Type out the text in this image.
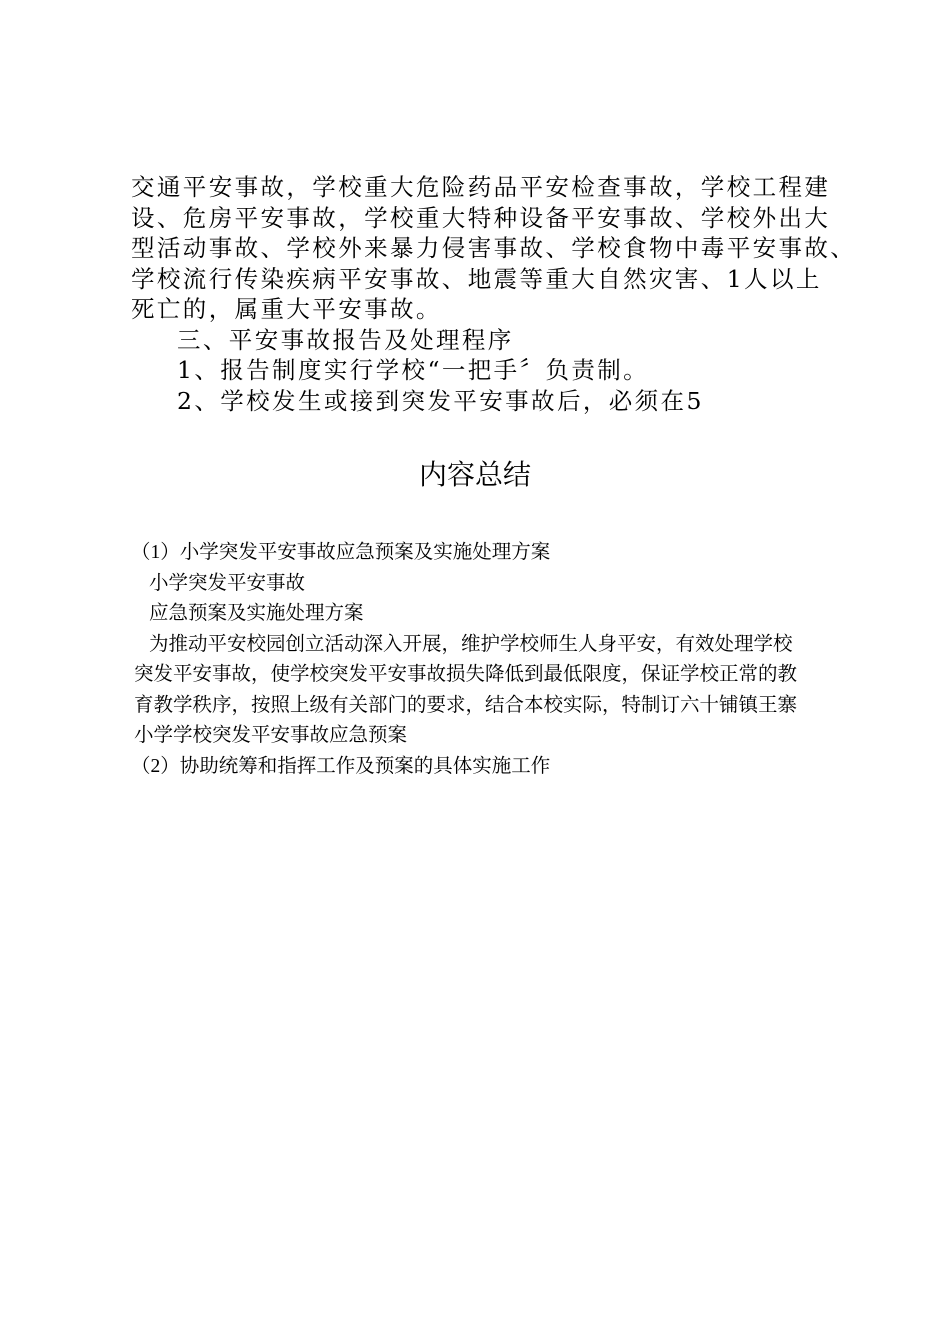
交通平安事故，学校重大危险药品平安检查事故，学校工程建
设、危房平安事故，学校重大特种设备平安事故、学校外出大
型活动事故、学校外来暴力侵害事故、学校食物中毒平安事故、
学校流行传染疾病平安事故、地震等重大自然灾害、1人以上
死亡的，属重大平安事故。
三、平安事故报告及处理程序
1、报告制度实行学校“一把手〞负责制。
2、学校发生或接到突发平安事故后，必须在5
内容总结
（1）小学突发平安事故应急预案及实施处理方案
小学突发平安事故
应急预案及实施处理方案
为推动平安校园创立活动深入开展，维护学校师生人身平安，有效处理学校
突发平安事故，使学校突发平安事故损失降低到最低限度，保证学校正常的教
育教学秩序，按照上级有关部门的要求，结合本校实际，特制订六十铺镇王寨
小学学校突发平安事故应急预案
（2）协助统筹和指挥工作及预案的具体实施工作
